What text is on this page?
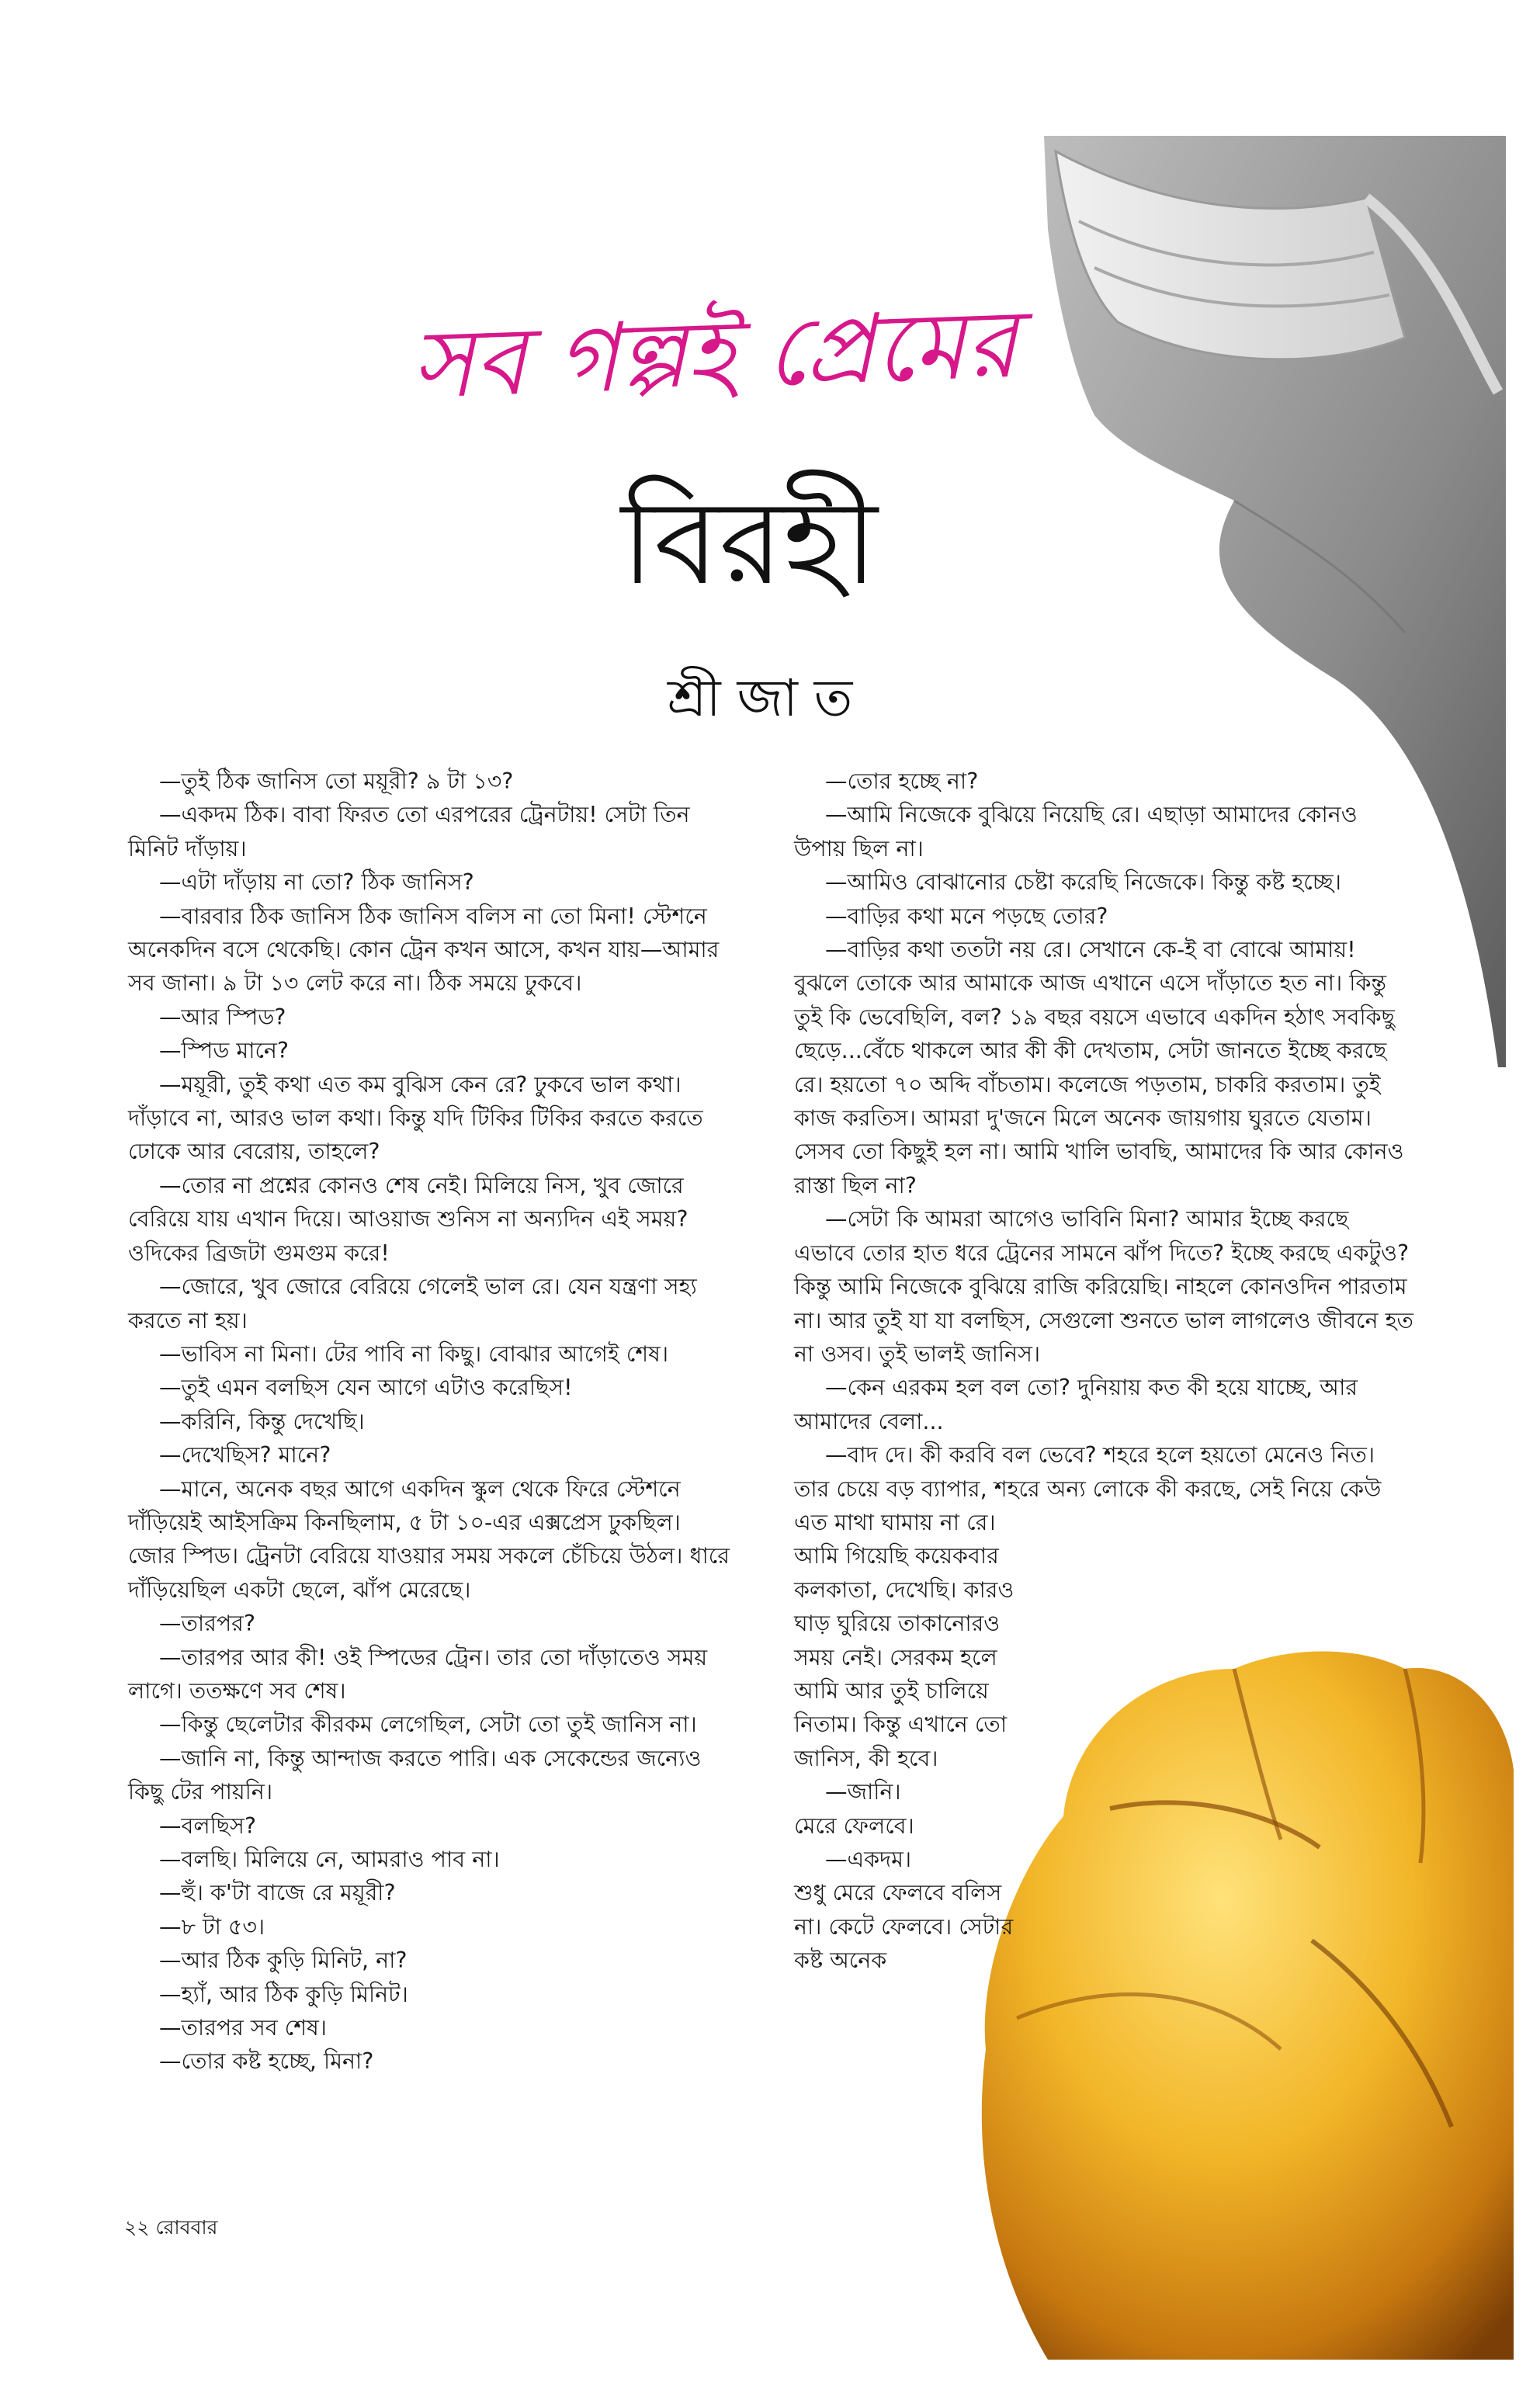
সব গল্পই প্রেমের
বিরহী
শ্রী জা ত

—তুই ঠিক জানিস তো ময়ূরী? ৯ টা ১৩?

—একদম ঠিক। বাবা ফিরত তো এরপরের ট্রেনটায়! সেটা তিন মিনিট দাঁড়ায়।

—এটা দাঁড়ায় না তো? ঠিক জানিস?

—বারবার ঠিক জানিস ঠিক জানিস বলিস না তো মিনা! স্টেশনে অনেকদিন বসে থেকেছি। কোন ট্রেন কখন আসে, কখন যায়—আমার সব জানা। ৯ টা ১৩ লেট করে না। ঠিক সময়ে ঢুকবে।

—আর স্পিড?

—স্পিড মানে?

—ময়ূরী, তুই কথা এত কম বুঝিস কেন রে? ঢুকবে ভাল কথা। দাঁড়াবে না, আরও ভাল কথা। কিন্তু যদি টিকির টিকির করতে করতে ঢোকে আর বেরোয়, তাহলে?

—তোর না প্রশ্নের কোনও শেষ নেই। মিলিয়ে নিস, খুব জোরে বেরিয়ে যায় এখান দিয়ে। আওয়াজ শুনিস না অন্যদিন এই সময়? ওদিকের ব্রিজটা গুমগুম করে!

—জোরে, খুব জোরে বেরিয়ে গেলেই ভাল রে। যেন যন্ত্রণা সহ্য করতে না হয়।

—ভাবিস না মিনা। টের পাবি না কিছু। বোঝার আগেই শেষ।

—তুই এমন বলছিস যেন আগে এটাও করেছিস!

—করিনি, কিন্তু দেখেছি।

—দেখেছিস? মানে?

—মানে, অনেক বছর আগে একদিন স্কুল থেকে ফিরে স্টেশনে দাঁড়িয়েই আইসক্রিম কিনছিলাম, ৫ টা ১০-এর এক্সপ্রেস ঢুকছিল। জোর স্পিড। ট্রেনটা বেরিয়ে যাওয়ার সময় সকলে চেঁচিয়ে উঠল। ধারে দাঁড়িয়েছিল একটা ছেলে, ঝাঁপ মেরেছে।

—তারপর?

—তারপর আর কী! ওই স্পিডের ট্রেন। তার তো দাঁড়াতেও সময় লাগে। ততক্ষণে সব শেষ।

—কিন্তু ছেলেটার কীরকম লেগেছিল, সেটা তো তুই জানিস না।

—জানি না, কিন্তু আন্দাজ করতে পারি। এক সেকেন্ডের জন্যেও কিছু টের পায়নি।

—বলছিস?

—বলছি। মিলিয়ে নে, আমরাও পাব না।

—হুঁ। ক'টা বাজে রে ময়ূরী?

—৮ টা ৫৩।

—আর ঠিক কুড়ি মিনিট, না?

—হ্যাঁ, আর ঠিক কুড়ি মিনিট।

—তারপর সব শেষ।

—তোর কষ্ট হচ্ছে, মিনা?

—তোর হচ্ছে না?

—আমি নিজেকে বুঝিয়ে নিয়েছি রে। এছাড়া আমাদের কোনও উপায় ছিল না।

—আমিও বোঝানোর চেষ্টা করেছি নিজেকে। কিন্তু কষ্ট হচ্ছে।

—বাড়ির কথা মনে পড়ছে তোর?

—বাড়ির কথা ততটা নয় রে। সেখানে কে-ই বা বোঝে আমায়! বুঝলে তোকে আর আমাকে আজ এখানে এসে দাঁড়াতে হত না। কিন্তু তুই কি ভেবেছিলি, বল? ১৯ বছর বয়সে এভাবে একদিন হঠাৎ সবকিছু ছেড়ে...বেঁচে থাকলে আর কী কী দেখতাম, সেটা জানতে ইচ্ছে করছে রে। হয়তো ৭০ অব্দি বাঁচতাম। কলেজে পড়তাম, চাকরি করতাম। তুই কাজ করতিস। আমরা দু'জনে মিলে অনেক জায়গায় ঘুরতে যেতাম। সেসব তো কিছুই হল না। আমি খালি ভাবছি, আমাদের কি আর কোনও রাস্তা ছিল না?

—সেটা কি আমরা আগেও ভাবিনি মিনা? আমার ইচ্ছে করছে এভাবে তোর হাত ধরে ট্রেনের সামনে ঝাঁপ দিতে? ইচ্ছে করছে একটুও? কিন্তু আমি নিজেকে বুঝিয়ে রাজি করিয়েছি। নাহলে কোনওদিন পারতাম না। আর তুই যা যা বলছিস, সেগুলো শুনতে ভাল লাগলেও জীবনে হত না ওসব। তুই ভালই জানিস।

—কেন এরকম হল বল তো? দুনিয়ায় কত কী হয়ে যাচ্ছে, আর আমাদের বেলা...

—বাদ দে। কী করবি বল ভেবে? শহরে হলে হয়তো মেনেও নিত। তার চেয়ে বড় ব্যাপার, শহরে অন্য লোকে কী করছে, সেই নিয়ে কেউ এত মাথা ঘামায় না রে।

আমি গিয়েছি কয়েকবার কলকাতা, দেখেছি। কারও ঘাড় ঘুরিয়ে তাকানোরও সময় নেই। সেরকম হলে আমি আর তুই চালিয়ে নিতাম। কিন্তু এখানে তো জানিস, কী হবে।

—জানি।

মেরে ফেলবে।

—একদম।

শুধু মেরে ফেলবে বলিস না। কেটে ফেলবে। সেটার কষ্ট অনেক

২২ রোববার
